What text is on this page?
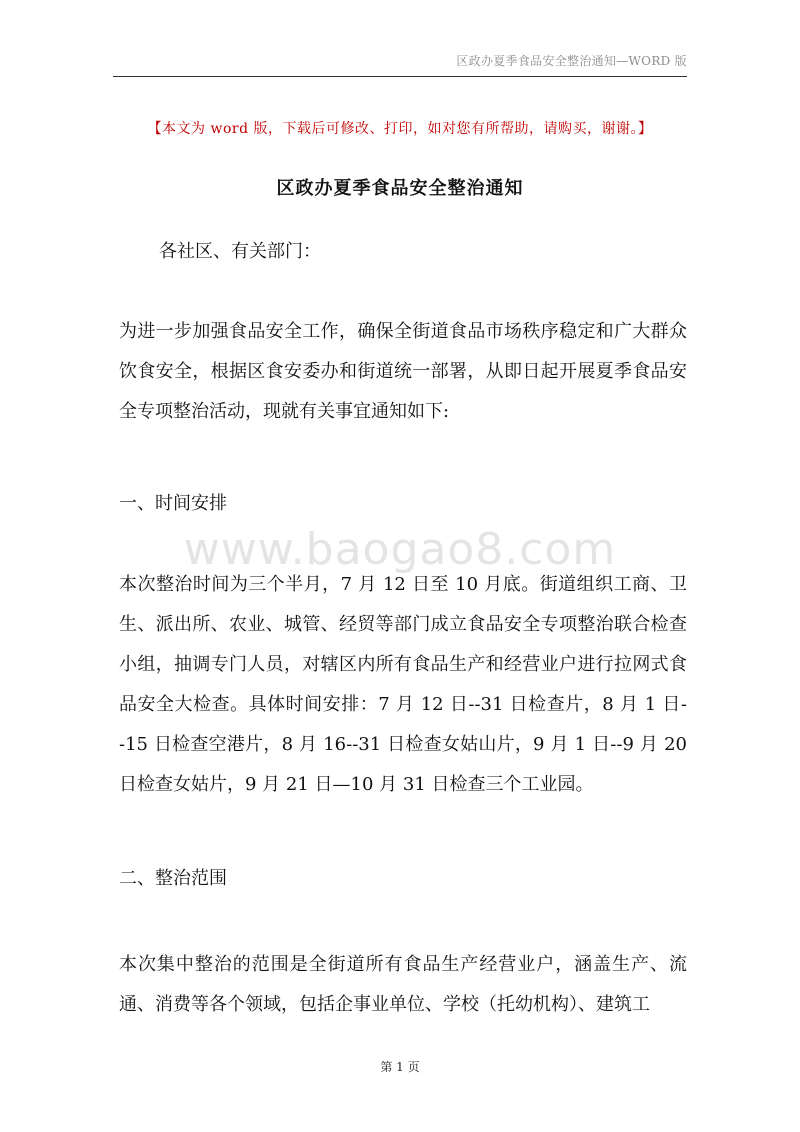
区政办夏季食品安全整治通知—WORD 版
【本文为 word 版，下载后可修改、打印，如对您有所帮助，请购买，谢谢。】
区政办夏季食品安全整治通知
各社区、有关部门：
为进一步加强食品安全工作，确保全街道食品市场秩序稳定和广大群众饮食安全，根据区食安委办和街道统一部署，从即日起开展夏季食品安全专项整治活动，现就有关事宜通知如下:
一、时间安排
www.baogao8.com
本次整治时间为三个半月，7 月 12 日至 10 月底。街道组织工商、卫生、派出所、农业、城管、经贸等部门成立食品安全专项整治联合检查小组，抽调专门人员，对辖区内所有食品生产和经营业户进行拉网式食品安全大检查。具体时间安排：7 月 12 日--31 日检查片，8 月 1 日--15 日检查空港片，8 月 16--31 日检查女姑山片，9 月 1 日--9 月 20 日检查女姑片，9 月 21 日—10 月 31 日检查三个工业园。
二、整治范围
本次集中整治的范围是全街道所有食品生产经营业户，涵盖生产、流通、消费等各个领域，包括企事业单位、学校（托幼机构）、建筑工
第 1 页
